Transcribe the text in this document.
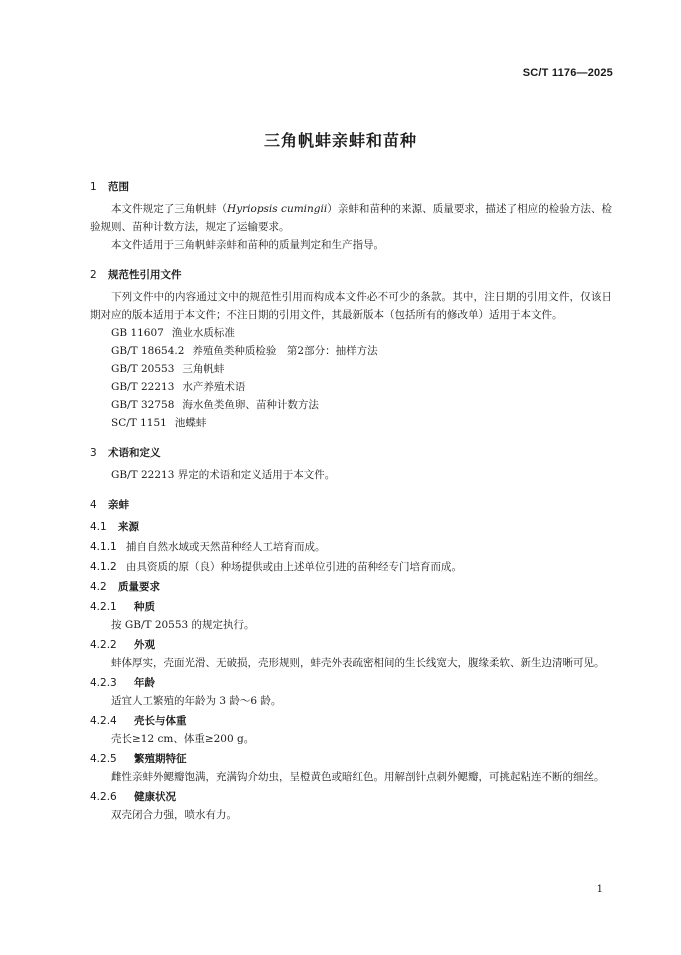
SC/T 1176—2025
三角帆蚌亲蚌和苗种
1 范围

本文件规定了三角帆蚌（Hyriopsis cumingii）亲蚌和苗种的来源、质量要求，描述了相应的检验方法、检验规则、苗种计数方法，规定了运输要求。

本文件适用于三角帆蚌亲蚌和苗种的质量判定和生产指导。

2 规范性引用文件

下列文件中的内容通过文中的规范性引用而构成本文件必不可少的条款。其中，注日期的引用文件，仅该日期对应的版本适用于本文件；不注日期的引用文件，其最新版本（包括所有的修改单）适用于本文件。

GB 11607 渔业水质标准
GB/T 18654.2 养殖鱼类种质检验　第2部分：抽样方法
GB/T 20553 三角帆蚌
GB/T 22213 水产养殖术语
GB/T 32758 海水鱼类鱼卵、苗种计数方法
SC/T 1151 池蝶蚌
3 术语和定义

GB/T 22213 界定的术语和定义适用于本文件。

4 亲蚌
4.1 来源
4.1.1 捕自自然水域或天然苗种经人工培育而成。
4.1.2 由具资质的原（良）种场提供或由上述单位引进的苗种经专门培育而成。
4.2 质量要求
4.2.1 种质

按 GB/T 20553 的规定执行。

4.2.2 外观

蚌体厚实，壳面光滑、无破损，壳形规则，蚌壳外表疏密相间的生长线宽大，腹缘柔软、新生边清晰可见。

4.2.3 年龄

适宜人工繁殖的年龄为 3 龄～6 龄。

4.2.4 壳长与体重

壳长≥12 cm、体重≥200 g。

4.2.5 繁殖期特征

雌性亲蚌外鳃瓣饱满，充满钩介幼虫，呈橙黄色或暗红色。用解剖针点刺外鳃瓣，可挑起粘连不断的细丝。

4.2.6 健康状况

双壳闭合力强，喷水有力。

1
